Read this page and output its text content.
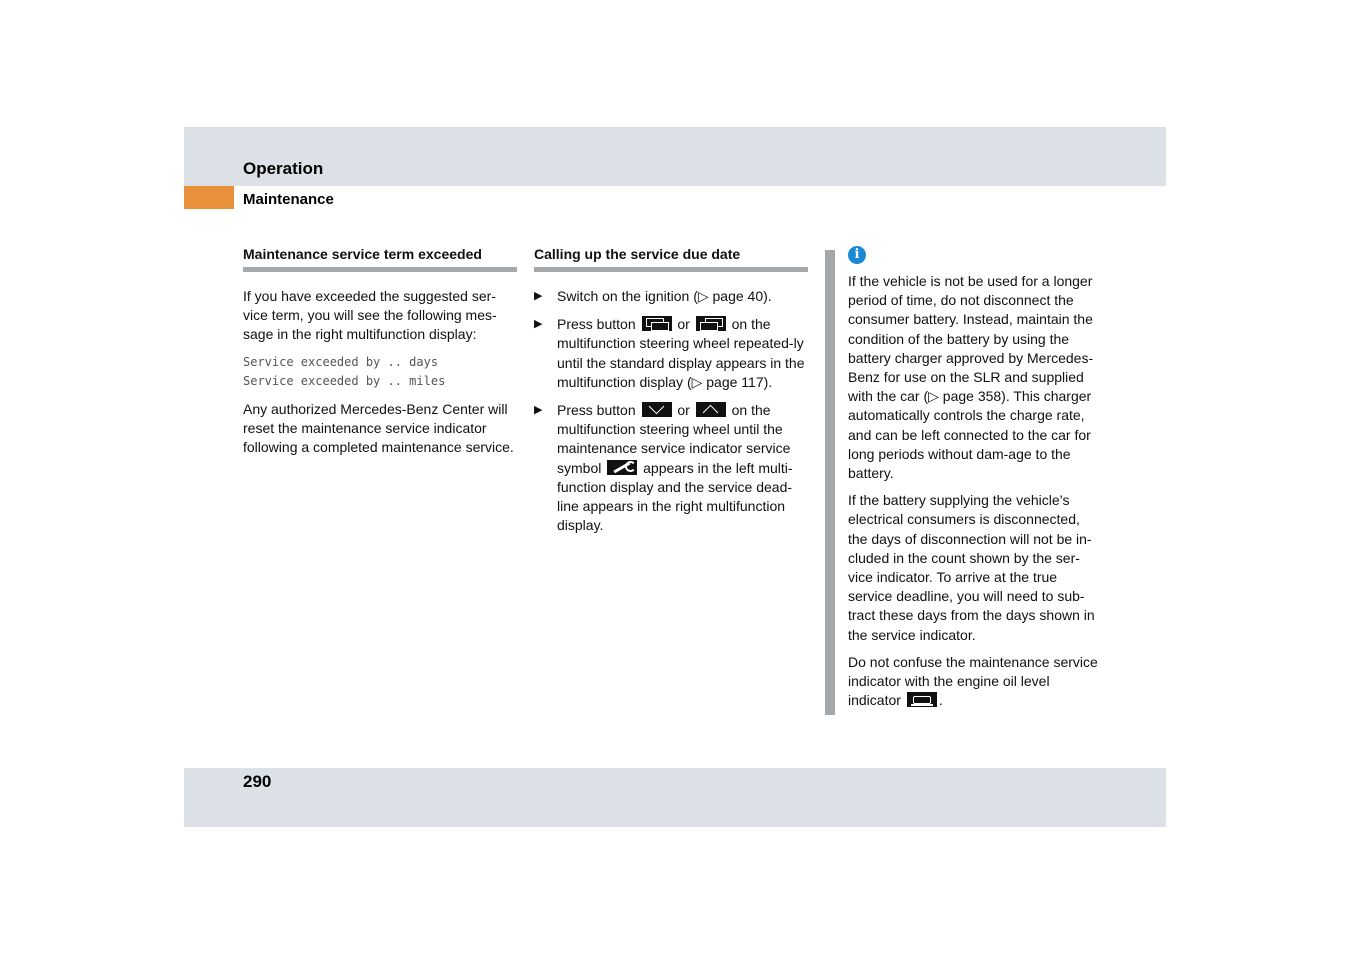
Operation
Maintenance
Maintenance service term exceeded

If you have exceeded the suggested ser-vice term, you will see the following mes-sage in the right multifunction display:

Service exceeded by .. days
Service exceeded by .. miles

Any authorized Mercedes-Benz Center will reset the maintenance service indicator following a completed maintenance service.

Calling up the service due date
▶ Switch on the ignition (▷ page 40).
▶ Press button	or	on the multifunction steering wheel repeated-ly until the standard display appears in the multifunction display (▷ page 117).
▶ Press button	or	on the multifunction steering wheel until the maintenance service indicator service symbol	appears in the left multi-function display and the service dead-line appears in the right multifunction display.
i

If the vehicle is not be used for a longer period of time, do not disconnect the consumer battery. Instead, maintain the condition of the battery by using the battery charger approved by Mercedes-Benz for use on the SLR and supplied with the car (▷ page 358). This charger automatically controls the charge rate, and can be left connected to the car for long periods without dam-age to the battery.

If the battery supplying the vehicle’s electrical consumers is disconnected, the days of disconnection will not be in-cluded in the count shown by the ser-vice indicator. To arrive at the true service deadline, you will need to sub-tract these days from the days shown in the service indicator.

Do not confuse the maintenance service indicator with the engine oil level indicator	.

290
